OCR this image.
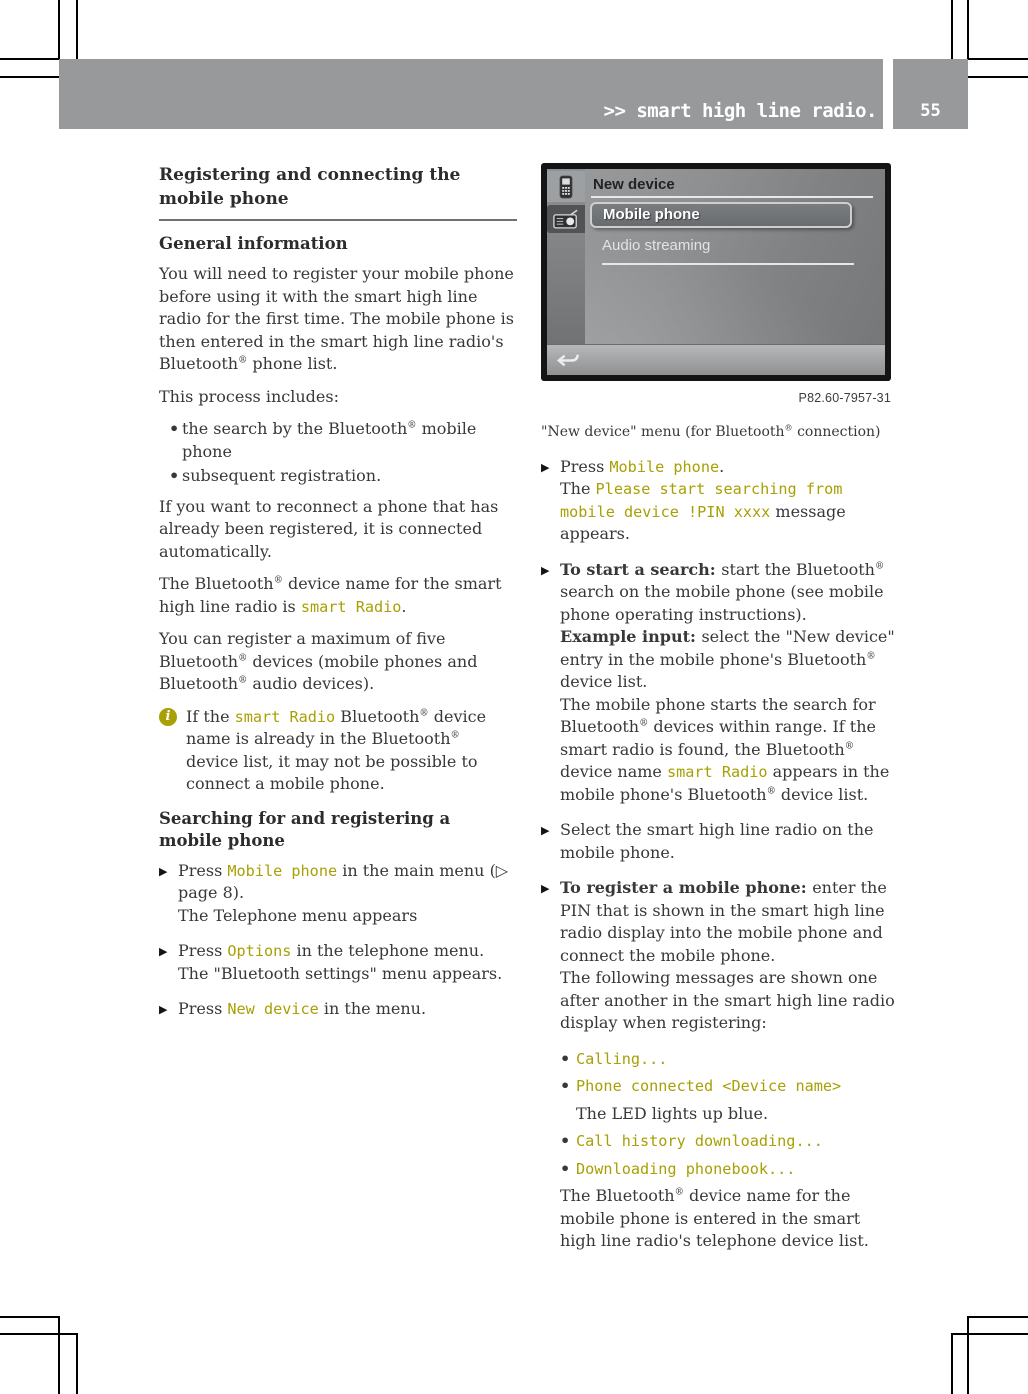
>> smart high line radio.	55
Registering and connecting the mobile phone
General information
You will need to register your mobile phone before using it with the smart high line radio for the first time. The mobile phone is then entered in the smart high line radio's Bluetooth® phone list.
This process includes:
• the search by the Bluetooth® mobile phone
• subsequent registration.
If you want to reconnect a phone that has already been registered, it is connected automatically.
The Bluetooth® device name for the smart high line radio is smart Radio.
You can register a maximum of five Bluetooth® devices (mobile phones and Bluetooth® audio devices).
i If the smart Radio Bluetooth® device name is already in the Bluetooth® device list, it may not be possible to connect a mobile phone.
Searching for and registering a mobile phone
▶ Press Mobile phone in the main menu (▷ page 8).
The Telephone menu appears
▶ Press Options in the telephone menu.
The "Bluetooth settings" menu appears.
▶ Press New device in the menu.
New device
Mobile phone
Audio streaming
P82.60-7957-31
"New device" menu (for Bluetooth® connection)
▶ Press Mobile phone.
The Please start searching from mobile device !PIN xxxx message appears.
▶ To start a search: start the Bluetooth® search on the mobile phone (see mobile phone operating instructions).
Example input: select the "New device" entry in the mobile phone's Bluetooth® device list.
The mobile phone starts the search for Bluetooth® devices within range. If the smart radio is found, the Bluetooth® device name smart Radio appears in the mobile phone's Bluetooth® device list.
▶ Select the smart high line radio on the mobile phone.
▶ To register a mobile phone: enter the PIN that is shown in the smart high line radio display into the mobile phone and connect the mobile phone.
The following messages are shown one after another in the smart high line radio display when registering:
• Calling...
• Phone connected <Device name>
The LED lights up blue.
• Call history downloading...
• Downloading phonebook...
The Bluetooth® device name for the mobile phone is entered in the smart high line radio's telephone device list.
